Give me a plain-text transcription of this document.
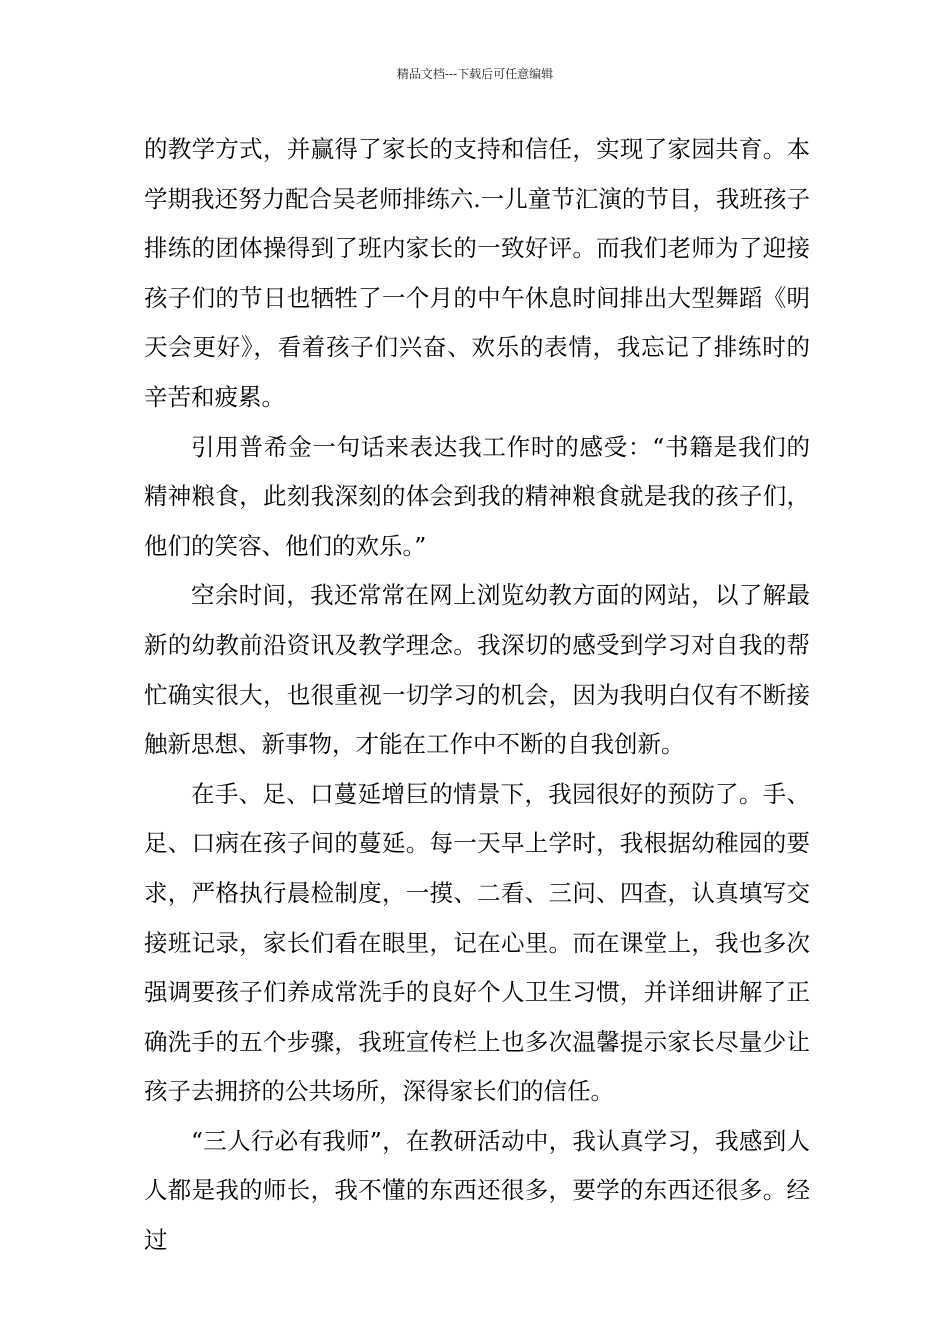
精品文档---下载后可任意编辑

的教学方式，并赢得了家长的支持和信任，实现了家园共育。本学期我还努力配合吴老师排练六.一儿童节汇演的节目，我班孩子排练的团体操得到了班内家长的一致好评。而我们老师为了迎接孩子们的节日也牺牲了一个月的中午休息时间排出大型舞蹈《明天会更好》，看着孩子们兴奋、欢乐的表情，我忘记了排练时的辛苦和疲累。

引用普希金一句话来表达我工作时的感受：“书籍是我们的精神粮食，此刻我深刻的体会到我的精神粮食就是我的孩子们，他们的笑容、他们的欢乐。”

空余时间，我还常常在网上浏览幼教方面的网站，以了解最新的幼教前沿资讯及教学理念。我深切的感受到学习对自我的帮忙确实很大，也很重视一切学习的机会，因为我明白仅有不断接触新思想、新事物，才能在工作中不断的自我创新。

在手、足、口蔓延增巨的情景下，我园很好的预防了。手、足、口病在孩子间的蔓延。每一天早上学时，我根据幼稚园的要求，严格执行晨检制度，一摸、二看、三问、四查，认真填写交接班记录，家长们看在眼里，记在心里。而在课堂上，我也多次强调要孩子们养成常洗手的良好个人卫生习惯，并详细讲解了正确洗手的五个步骤，我班宣传栏上也多次温馨提示家长尽量少让孩子去拥挤的公共场所，深得家长们的信任。

“三人行必有我师”，在教研活动中，我认真学习，我感到人人都是我的师长，我不懂的东西还很多，要学的东西还很多。经过
